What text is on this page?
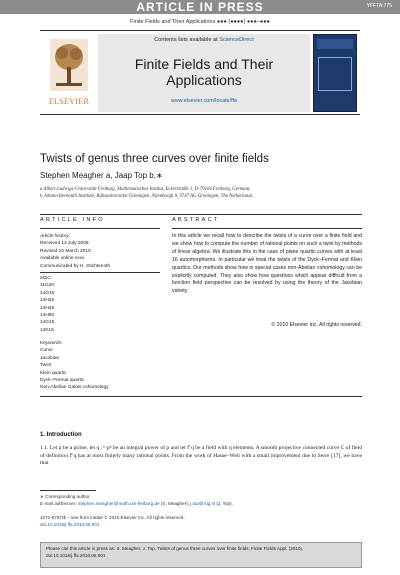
ARTICLE IN PRESS	YFFTA:775
Finite Fields and Their Applications ●●● (●●●●) ●●●–●●●
ELSEVIER
Contents lists available at ScienceDirect
Finite Fields and Their Applications
www.elsevier.com/locate/ffa
Twists of genus three curves over finite fields
Stephen Meagher a, Jaap Top b,∗
a Albert-Ludwigs-Universität Freiburg, Mathematisches Institut, Eckerstraße 1, D-79104 Freiburg, Germany
b Johann Bernoulli Institute, Rijksuniversiteit Groningen, Nijenborgh 9, 9747 AG Groningen, The Netherlands
ARTICLE INFO	ABSTRACT
Article history:
Received 13 July 2008
Revised 10 March 2010
Available online xxxx
Communicated by H. Stichtenoth
MSC:
11G20
14G15
14H25
14H45
14H50
14G15
14K15
Keywords:
Curve
Jacobian
Twist
Klein quartic
Dyck–Fermat quartic
Non-Abelian Galois cohomology
In this article we recall how to describe the twists of a curve over a finite field and we show how to compute the number of rational points on such a twist by methods of linear algebra. We illustrate this in the case of plane quartic curves with at least 16 automorphisms. In particular we treat the twists of the Dyck–Fermat and Klein quartics. Our methods show how in special cases non-Abelian cohomology can be explicitly computed. They also show how questions which appear difficult from a function field perspective can be resolved by using the theory of the Jacobian variety.
© 2010 Elsevier Inc. All rights reserved.
1. Introduction
1.1. Let p be a prime, let q := pⁿ be an integral power of p and let 𝔽q be a field with q elements. A smooth projective connected curve C of field of definition 𝔽q has at most finitely many rational points. From the work of Hasse–Weil with a small improvement due to Serre [17], we have that
∗ Corresponding author.
E-mail addresses: stephen.meagher@math.uni-freiburg.de (S. Meagher), j.top@rug.nl (J. Top).
1071-5797/$ – see front matter © 2010 Elsevier Inc. All rights reserved.
doi:10.1016/j.ffa.2010.06.001
Please cite this article in press as: S. Meagher, J. Top, Twists of genus three curves over finite fields, Finite Fields Appl. (2010), doi:10.1016/j.ffa.2010.06.001
